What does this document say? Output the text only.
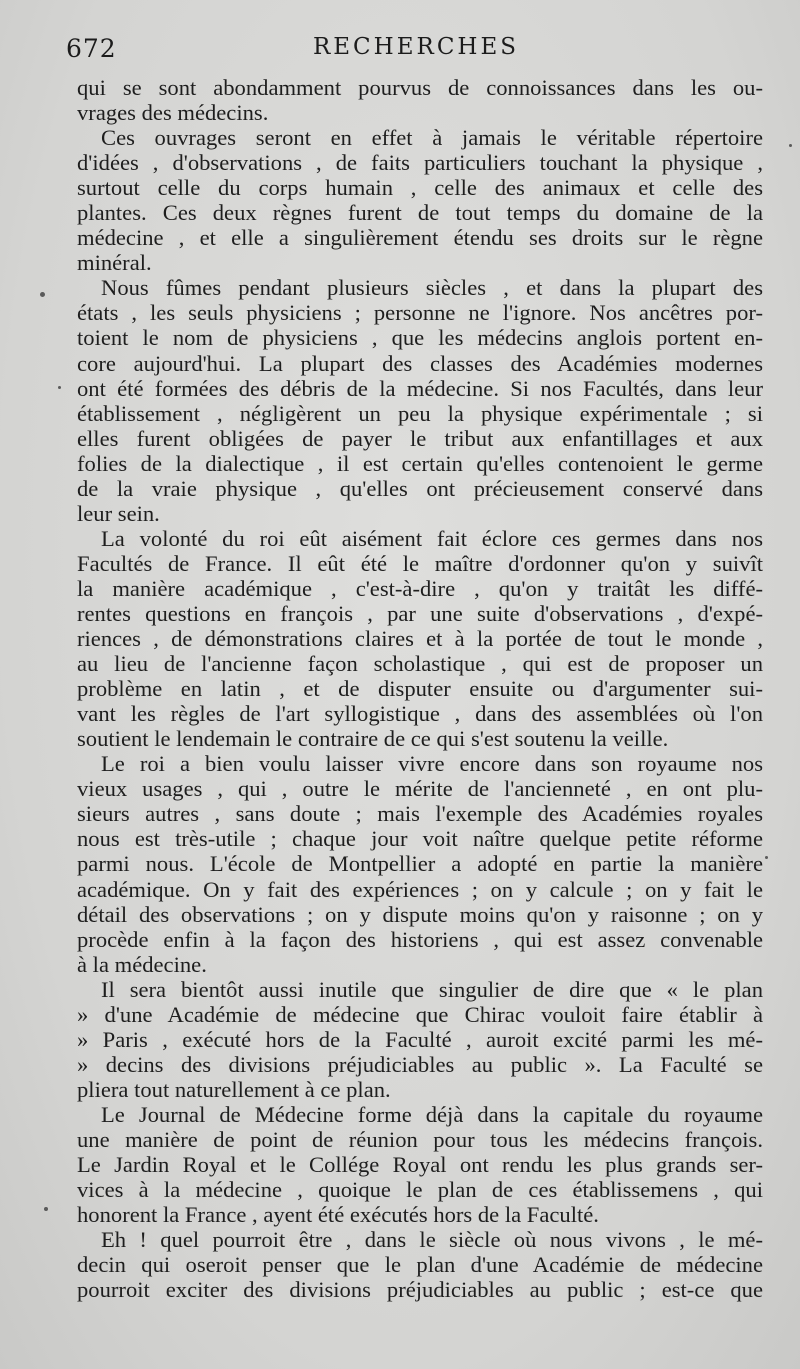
672	RECHERCHES
qui se sont abondamment pourvus de connoissances dans les ou-
vrages des médecins.
Ces ouvrages seront en effet à jamais le véritable répertoire
d'idées , d'observations , de faits particuliers touchant la physique ,
surtout celle du corps humain , celle des animaux et celle des
plantes. Ces deux règnes furent de tout temps du domaine de la
médecine , et elle a singulièrement étendu ses droits sur le règne
minéral.
Nous fûmes pendant plusieurs siècles , et dans la plupart des
états , les seuls physiciens ; personne ne l'ignore. Nos ancêtres por-
toient le nom de physiciens , que les médecins anglois portent en-
core aujourd'hui. La plupart des classes des Académies modernes
ont été formées des débris de la médecine. Si nos Facultés, dans leur
établissement , négligèrent un peu la physique expérimentale ; si
elles furent obligées de payer le tribut aux enfantillages et aux
folies de la dialectique , il est certain qu'elles contenoient le germe
de la vraie physique , qu'elles ont précieusement conservé dans
leur sein.
La volonté du roi eût aisément fait éclore ces germes dans nos
Facultés de France. Il eût été le maître d'ordonner qu'on y suivît
la manière académique , c'est-à-dire , qu'on y traitât les diffé-
rentes questions en françois , par une suite d'observations , d'expé-
riences , de démonstrations claires et à la portée de tout le monde ,
au lieu de l'ancienne façon scholastique , qui est de proposer un
problème en latin , et de disputer ensuite ou d'argumenter sui-
vant les règles de l'art syllogistique , dans des assemblées où l'on
soutient le lendemain le contraire de ce qui s'est soutenu la veille.
Le roi a bien voulu laisser vivre encore dans son royaume nos
vieux usages , qui , outre le mérite de l'ancienneté , en ont plu-
sieurs autres , sans doute ; mais l'exemple des Académies royales
nous est très-utile ; chaque jour voit naître quelque petite réforme
parmi nous. L'école de Montpellier a adopté en partie la manière
académique. On y fait des expériences ; on y calcule ; on y fait le
détail des observations ; on y dispute moins qu'on y raisonne ; on y
procède enfin à la façon des historiens , qui est assez convenable
à la médecine.
Il sera bientôt aussi inutile que singulier de dire que « le plan
» d'une Académie de médecine que Chirac vouloit faire établir à
» Paris , exécuté hors de la Faculté , auroit excité parmi les mé-
» decins des divisions préjudiciables au public ». La Faculté se
pliera tout naturellement à ce plan.
Le Journal de Médecine forme déjà dans la capitale du royaume
une manière de point de réunion pour tous les médecins françois.
Le Jardin Royal et le Collége Royal ont rendu les plus grands ser-
vices à la médecine , quoique le plan de ces établissemens , qui
honorent la France , ayent été exécutés hors de la Faculté.
Eh ! quel pourroit être , dans le siècle où nous vivons , le mé-
decin qui oseroit penser que le plan d'une Académie de médecine
pourroit exciter des divisions préjudiciables au public ; est-ce que
